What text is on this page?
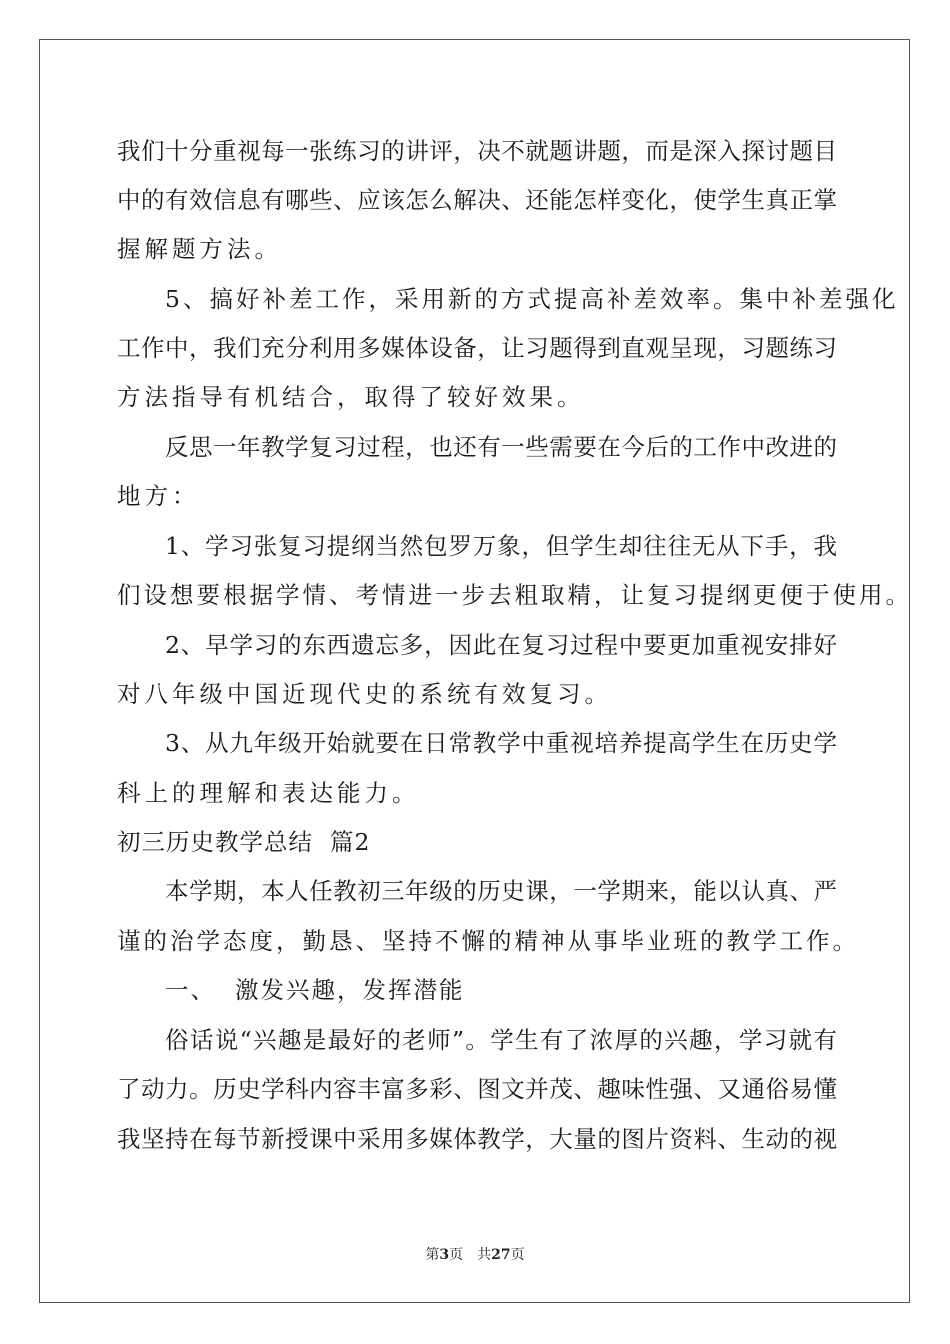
我们十分重视每一张练习的讲评，决不就题讲题，而是深入探讨题目
中的有效信息有哪些、应该怎么解决、还能怎样变化，使学生真正掌
握解题方法。
5、搞好补差工作，采用新的方式提高补差效率。集中补差强化
工作中，我们充分利用多媒体设备，让习题得到直观呈现，习题练习
方法指导有机结合，取得了较好效果。
反思一年教学复习过程，也还有一些需要在今后的工作中改进的
地方：
1、学习张复习提纲当然包罗万象，但学生却往往无从下手，我
们设想要根据学情、考情进一步去粗取精，让复习提纲更便于使用。
2、早学习的东西遗忘多，因此在复习过程中要更加重视安排好
对八年级中国近现代史的系统有效复习。
3、从九年级开始就要在日常教学中重视培养提高学生在历史学
科上的理解和表达能力。
初三历史教学总结  篇2
本学期，本人任教初三年级的历史课，一学期来，能以认真、严
谨的治学态度，勤恳、坚持不懈的精神从事毕业班的教学工作。
一、  激发兴趣，发挥潜能
俗话说“兴趣是最好的老师”。学生有了浓厚的兴趣，学习就有
了动力。历史学科内容丰富多彩、图文并茂、趣味性强、又通俗易懂
我坚持在每节新授课中采用多媒体教学，大量的图片资料、生动的视
第3页 共27页
